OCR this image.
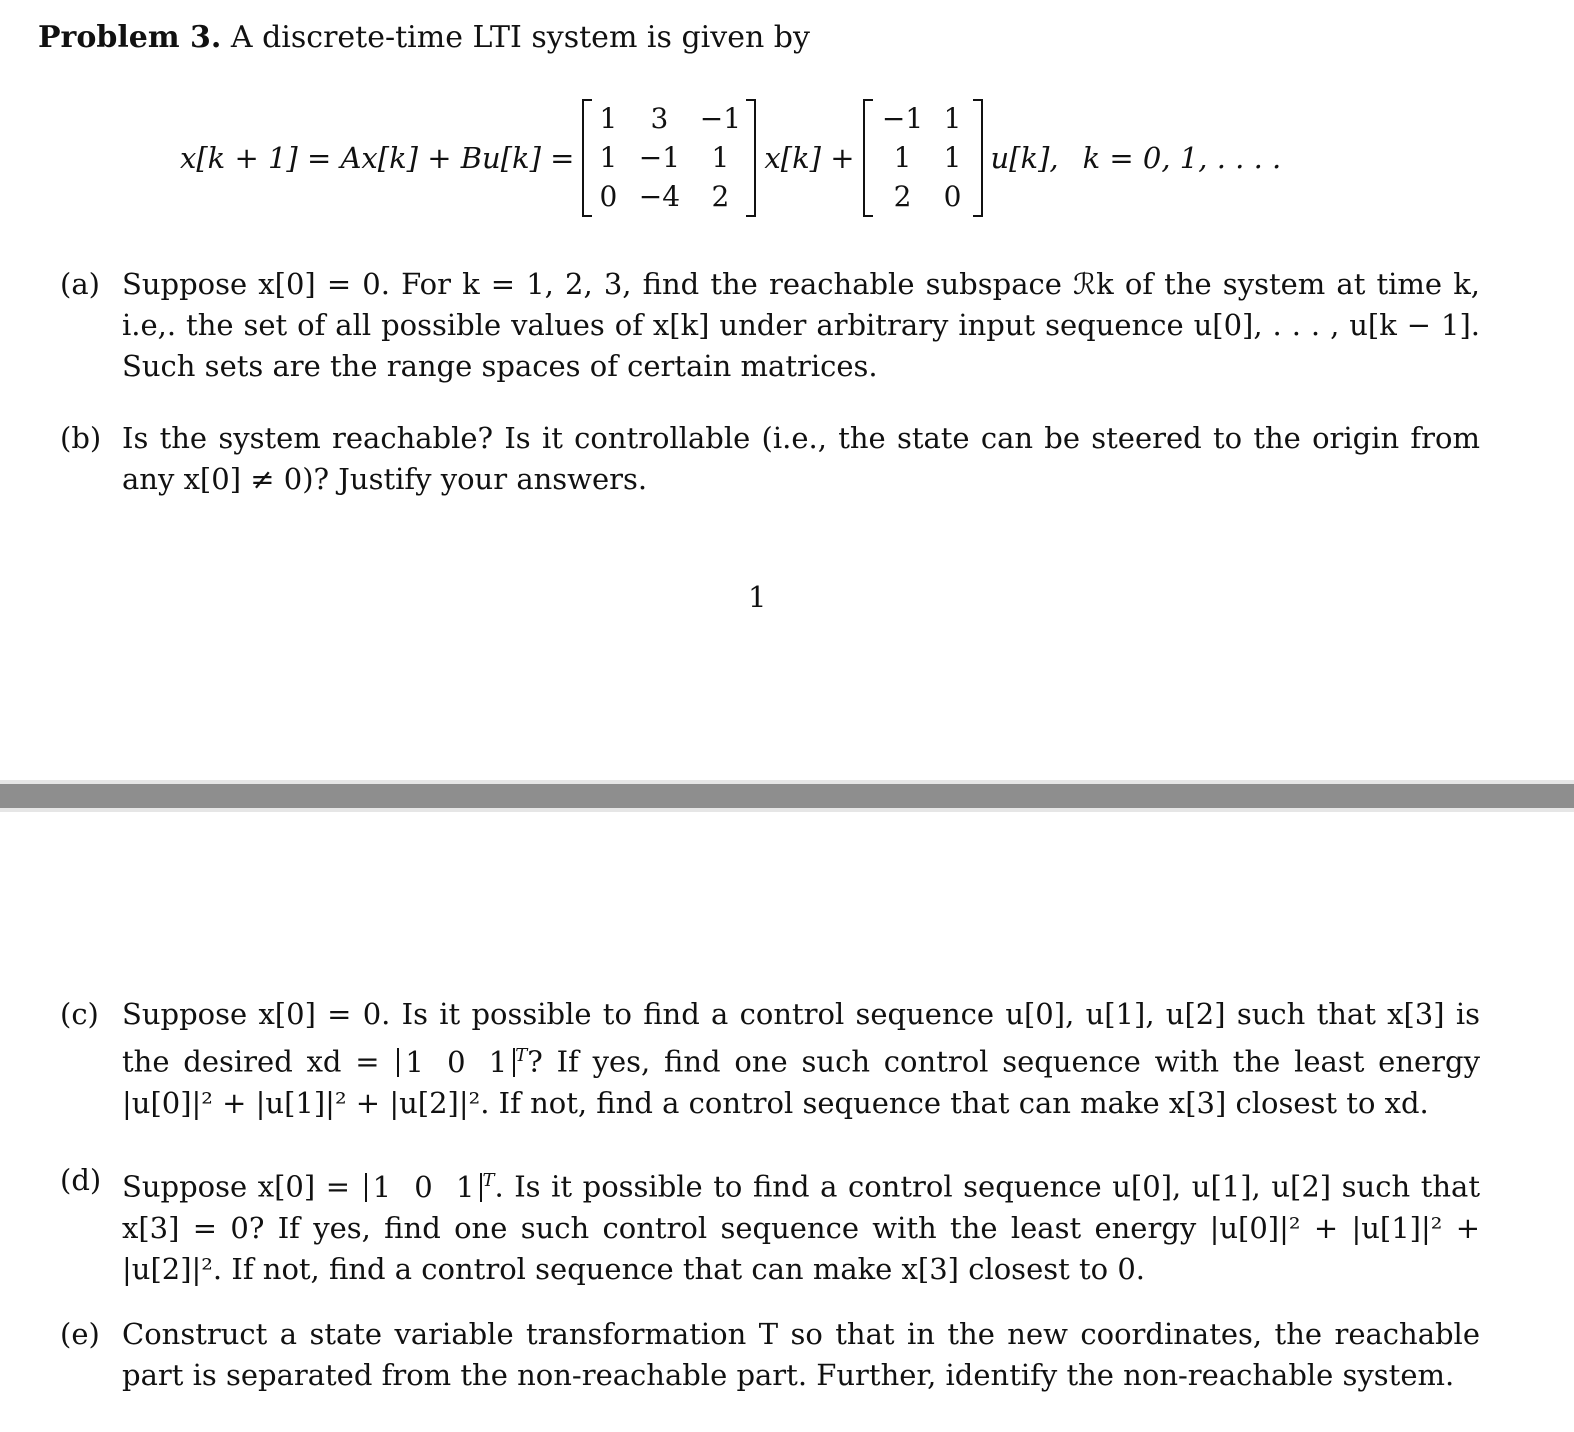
Problem 3. A discrete-time LTI system is given by
x[k + 1] = Ax[k] + Bu[k] =
1 3 −1
1 −1 1
0 −4 2
x[k] +
−1 1
1 1
2 0
u[k], k = 0, 1, . . . .
(a) Suppose x[0] = 0. For k = 1, 2, 3, find the reachable subspace ℛk of the system at time k, i.e,. the set of all possible values of x[k] under arbitrary input sequence u[0], . . . , u[k − 1]. Such sets are the range spaces of certain matrices.
(b) Is the system reachable? Is it controllable (i.e., the state can be steered to the origin from any x[0] ≠ 0)? Justify your answers.
1
(c) Suppose x[0] = 0. Is it possible to find a control sequence u[0], u[1], u[2] such that x[3] is the desired xd = 1 0 1 $^T$? If yes, find one such control sequence with the least energy |u[0]|² + |u[1]|² + |u[2]|². If not, find a control sequence that can make x[3] closest to xd.
(d) Suppose x[0] = 1 0 1 $^T$. Is it possible to find a control sequence u[0], u[1], u[2] such that x[3] = 0? If yes, find one such control sequence with the least energy |u[0]|² + |u[1]|² + |u[2]|². If not, find a control sequence that can make x[3] closest to 0.
(e) Construct a state variable transformation T so that in the new coordinates, the reachable part is separated from the non-reachable part. Further, identify the non-reachable system.
